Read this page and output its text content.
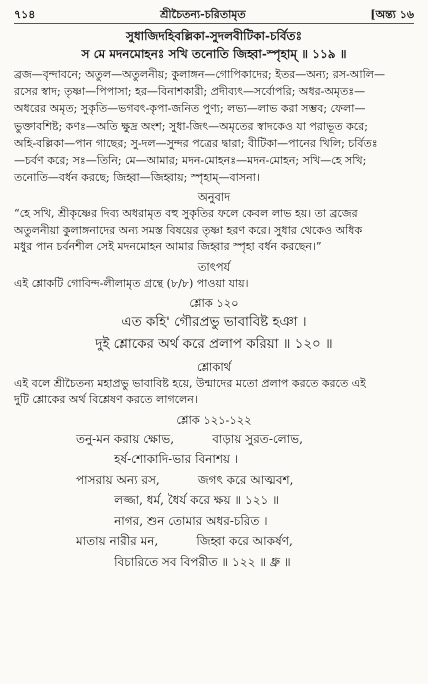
৭১৪	শ্রীচৈতন্য-চরিতামৃত	[অন্ত্য ১৬
সুধাজিদহিবল্লিকা-সুদলবীটিকা-চর্বিতঃ
স মে মদনমোহনঃ সখি তনোতি জিহ্বা-স্পৃহাম্ ॥ ১১৯ ॥

ব্রজ—বৃন্দাবনে; অতুল—অতুলনীয়; কুলাঙ্গন—গোপিকাদের; ইতর—অন্য; রস-আলি—

রসের স্বাদ; তৃষ্ণা—পিপাসা; হর—বিনাশকারী; প্রদীব্যৎ—সর্বোপরি; অধর-অমৃতঃ—

অধরের অমৃত; সুকৃতি—ভগবৎ-কৃপা-জনিত পুণ্য; লভ্য—লাভ করা সম্ভব; ফেলা—

ভুক্তাবশিষ্ট; কণঃ—অতি ক্ষুদ্র অংশ; সুধা-জিৎ—অমৃতের স্বাদকেও যা পরাভূত করে;

অহি-বল্লিকা—পান গাছের; সু-দল—সুন্দর পত্রের দ্বারা; বীটিকা—পানের খিলি; চর্বিতঃ

—চর্বণ করে; সঃ—তিনি; মে—আমার; মদন-মোহনঃ—মদন-মোহন; সখি—হে সখি;

তনোতি—বর্ধন করছে; জিহ্বা—জিহ্বায়; স্পৃহাম্—বাসনা।

অনুবাদ

“হে সখি, শ্রীকৃষ্ণের দিব্য অধরামৃত বহু সুকৃতির ফলে কেবল লাভ হয়। তা ব্রজের

অতুলনীয়া কুলাঙ্গনাদের অন্য সমস্ত বিষয়ের তৃষ্ণা হরণ করে। সুধার থেকেও অধিক

মধুর পান চর্বনশীল সেই মদনমোহন আমার জিহ্বার স্পৃহা বর্ধন করছেন।”

তাৎপর্য

এই শ্লোকটি গোবিন্দ-লীলামৃত গ্রন্থে (৮/৮) পাওয়া যায়।

শ্লোক ১২০
এত কহি' গৌরপ্রভু ভাবাবিষ্ট হঞা ।
দুই শ্লোকের অর্থ করে প্রলাপ করিয়া ॥ ১২০ ॥
শ্লোকার্থ

এই বলে শ্রীচৈতন্য মহাপ্রভু ভাবাবিষ্ট হয়ে, উন্মাদের মতো প্রলাপ করতে করতে এই

দুটি শ্লোকের অর্থ বিশ্লেষণ করতে লাগলেন।

শ্লোক ১২১-১২২
তনু-মন করায় ক্ষোভ,          বাড়ায় সুরত-লোভ,
হর্ষ-শোকাদি-ভার বিনাশয় ।
পাসরায় অন্য রস,          জগৎ করে আত্মবশ,
লজ্জা, ধর্ম, ধৈর্য করে ক্ষয় ॥ ১২১ ॥
নাগর, শুন তোমার অধর-চরিত ।
মাতায় নারীর মন,          জিহ্বা করে আকর্ষণ,
বিচারিতে সব বিপরীত ॥ ১২২ ॥ ধ্রু ॥
